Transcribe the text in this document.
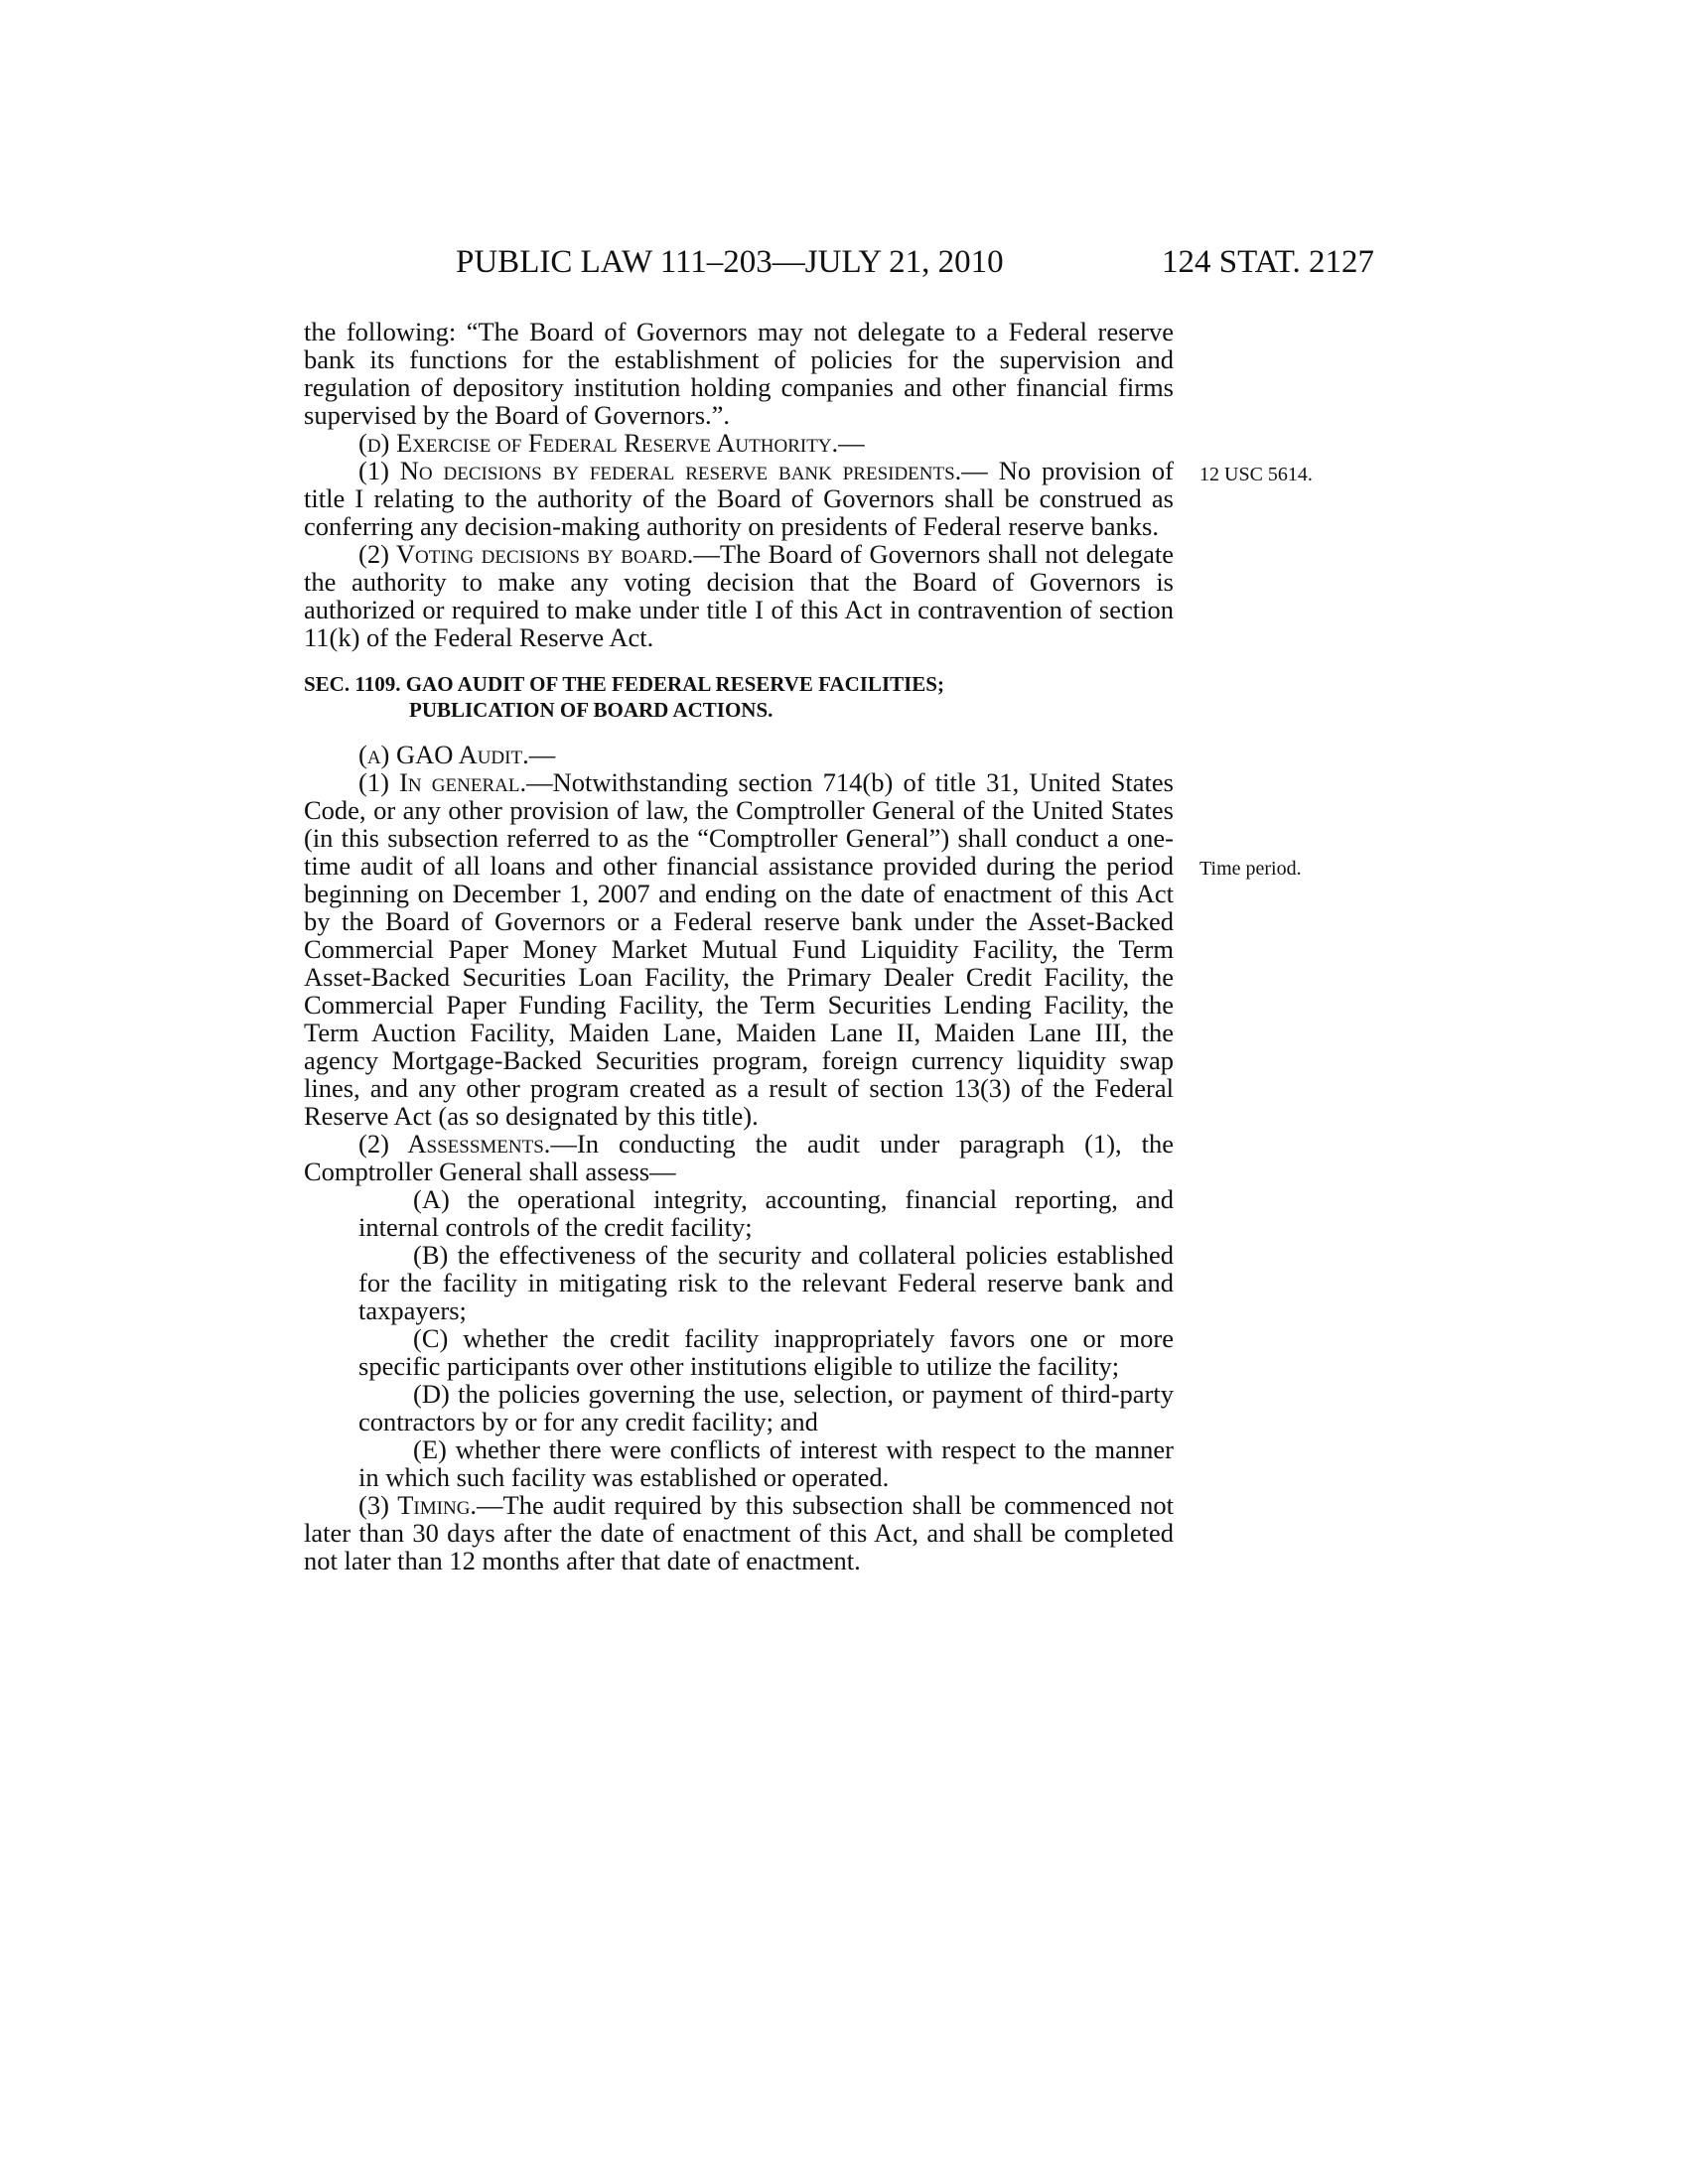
PUBLIC LAW 111–203—JULY 21, 2010	124 STAT. 2127
12 USC 5614.
Time period.

the following: “The Board of Governors may not delegate to a Federal reserve bank its functions for the establishment of policies for the supervision and regulation of depository institution holding companies and other financial firms supervised by the Board of Governors.”.

(d) Exercise of Federal Reserve Authority.—

(1) No decisions by federal reserve bank presidents.— No provision of title I relating to the authority of the Board of Governors shall be construed as conferring any decision-making authority on presidents of Federal reserve banks.

(2) Voting decisions by board.—The Board of Governors shall not delegate the authority to make any voting decision that the Board of Governors is authorized or required to make under title I of this Act in contravention of section 11(k) of the Federal Reserve Act.

SEC. 1109. GAO AUDIT OF THE FEDERAL RESERVE FACILITIES;
PUBLICATION OF BOARD ACTIONS.

(a) GAO Audit.—

(1) In general.—Notwithstanding section 714(b) of title 31, United States Code, or any other provision of law, the Comptroller General of the United States (in this subsection referred to as the “Comptroller General”) shall conduct a one-time audit of all loans and other financial assistance provided during the period beginning on December 1, 2007 and ending on the date of enactment of this Act by the Board of Governors or a Federal reserve bank under the Asset-Backed Commercial Paper Money Market Mutual Fund Liquidity Facility, the Term Asset-Backed Securities Loan Facility, the Primary Dealer Credit Facility, the Commercial Paper Funding Facility, the Term Securities Lending Facility, the Term Auction Facility, Maiden Lane, Maiden Lane II, Maiden Lane III, the agency Mortgage-Backed Securities program, foreign currency liquidity swap lines, and any other program created as a result of section 13(3) of the Federal Reserve Act (as so designated by this title).

(2) Assessments.—In conducting the audit under paragraph (1), the Comptroller General shall assess—

(A) the operational integrity, accounting, financial reporting, and internal controls of the credit facility;

(B) the effectiveness of the security and collateral policies established for the facility in mitigating risk to the relevant Federal reserve bank and taxpayers;

(C) whether the credit facility inappropriately favors one or more specific participants over other institutions eligible to utilize the facility;

(D) the policies governing the use, selection, or payment of third-party contractors by or for any credit facility; and

(E) whether there were conflicts of interest with respect to the manner in which such facility was established or operated.

(3) Timing.—The audit required by this subsection shall be commenced not later than 30 days after the date of enactment of this Act, and shall be completed not later than 12 months after that date of enactment.
